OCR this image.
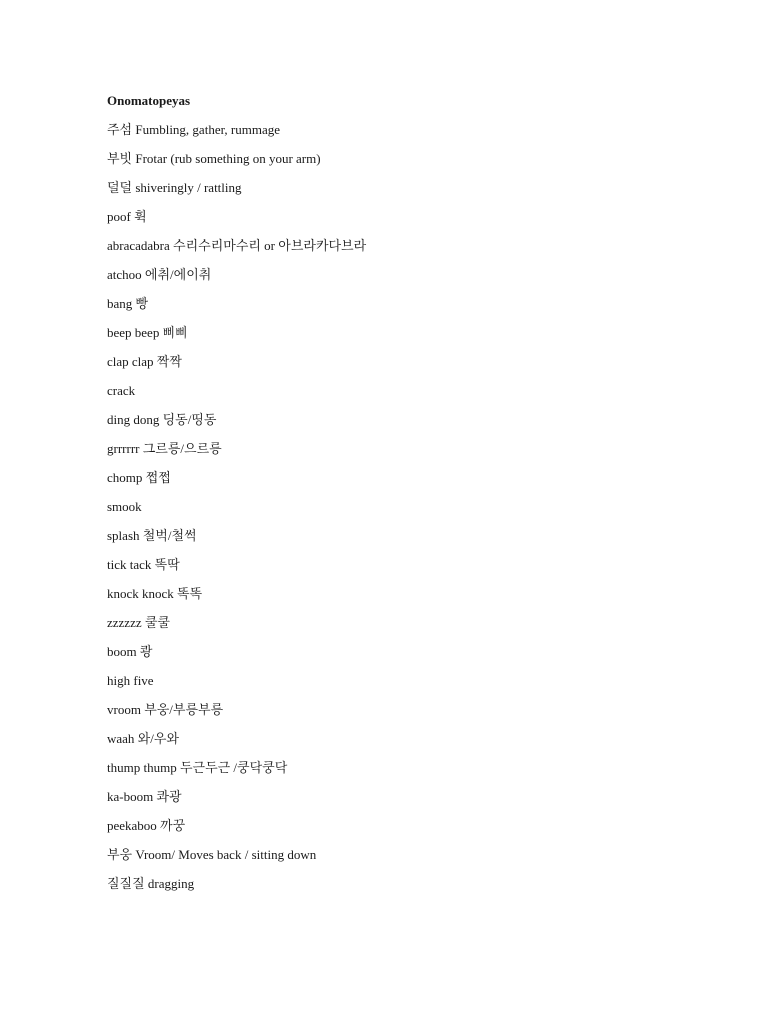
Onomatopeyas
주섬 Fumbling, gather, rummage
부빗 Frotar (rub something on your arm)
덜덜 shiveringly / rattling
poof 휙
abracadabra 수리수리마수리 or 아브라카다브라
atchoo 에취/에이취
bang 빵
beep beep 삐삐
clap clap 짝짝
crack
ding dong 딩동/띵동
grrrrrr 그르릉/으르릉
chomp 쩝쩝
smook
splash 철벅/철썩
tick tack 똑딱
knock knock 똑똑
zzzzzz 쿨쿨
boom 쾅
high five
vroom 부웅/부릉부릉
waah 와/우와
thump thump 두근두근 /쿵닥쿵닥
ka-boom 콰광
peekaboo 까꿍
부웅 Vroom/ Moves back / sitting down
질질질 dragging
